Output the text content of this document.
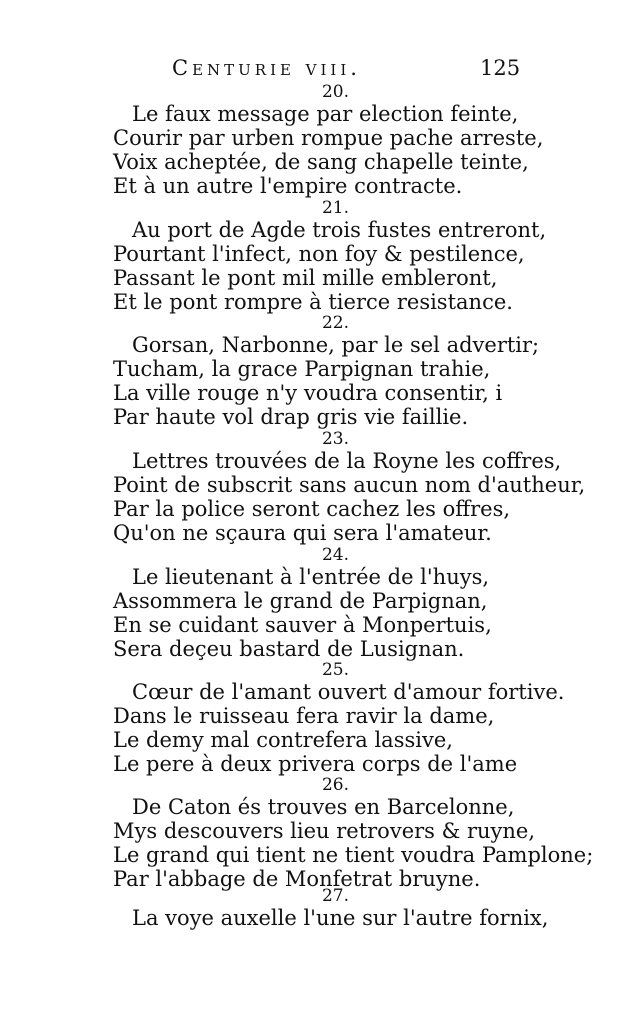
Centurie viii.	125
20.
Le faux message par election feinte,
Courir par urben rompue pache arreste,
Voix acheptée, de sang chapelle teinte,
Et à un autre l'empire contracte.
21.
Au port de Agde trois fustes entreront,
Pourtant l'infect, non foy & pestilence,
Passant le pont mil mille embleront,
Et le pont rompre à tierce resistance.
22.
Gorsan, Narbonne, par le sel advertir;
Tucham, la grace Parpignan trahie,
La ville rouge n'y voudra consentir, i
Par haute vol drap gris vie faillie.
23.
Lettres trouvées de la Royne les coffres,
Point de subscrit sans aucun nom d'autheur,
Par la police seront cachez les offres,
Qu'on ne sçaura qui sera l'amateur.
24.
Le lieutenant à l'entrée de l'huys,
Assommera le grand de Parpignan,
En se cuidant sauver à Monpertuis,
Sera deçeu bastard de Lusignan.
25.
Cœur de l'amant ouvert d'amour fortive.
Dans le ruisseau fera ravir la dame,
Le demy mal contrefera lassive,
Le pere à deux privera corps de l'ame
26.
De Caton és trouves en Barcelonne,
Mys descouvers lieu retrovers & ruyne,
Le grand qui tient ne tient voudra Pamplone;
Par l'abbage de Monfetrat bruyne.
27.
La voye auxelle l'une sur l'autre fornix,
